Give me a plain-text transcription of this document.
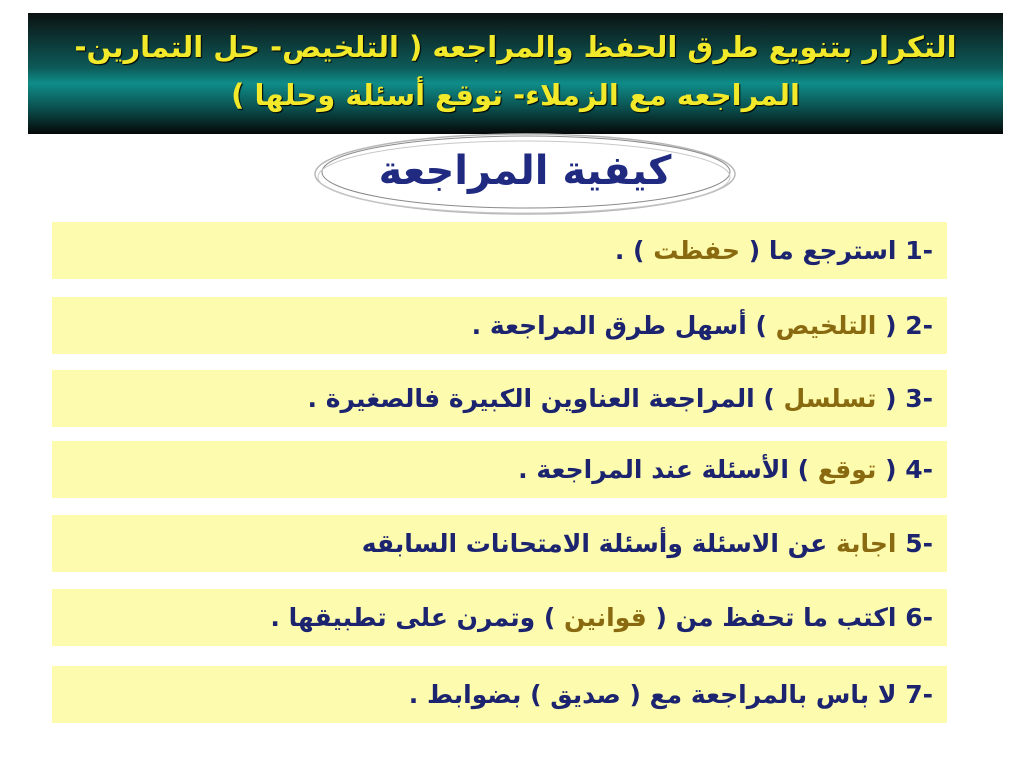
التكرار بتنويع طرق الحفظ والمراجعه ( التلخيص- حل التمارين-
المراجعه مع الزملاء- توقع أسئلة وحلها )
كيفية المراجعة
1- استرجع ما ( حفظت ) .
2- ( التلخيص ) أسهل طرق المراجعة .
3- ( تسلسل ) المراجعة العناوين الكبيرة فالصغيرة .
4- ( توقع ) الأسئلة عند المراجعة .
5- اجابة عن الاسئلة وأسئلة الامتحانات السابقه
6- اكتب ما تحفظ من ( قوانين ) وتمرن على تطبيقها .
7- لا باس بالمراجعة مع ( صديق ) بضوابط .
